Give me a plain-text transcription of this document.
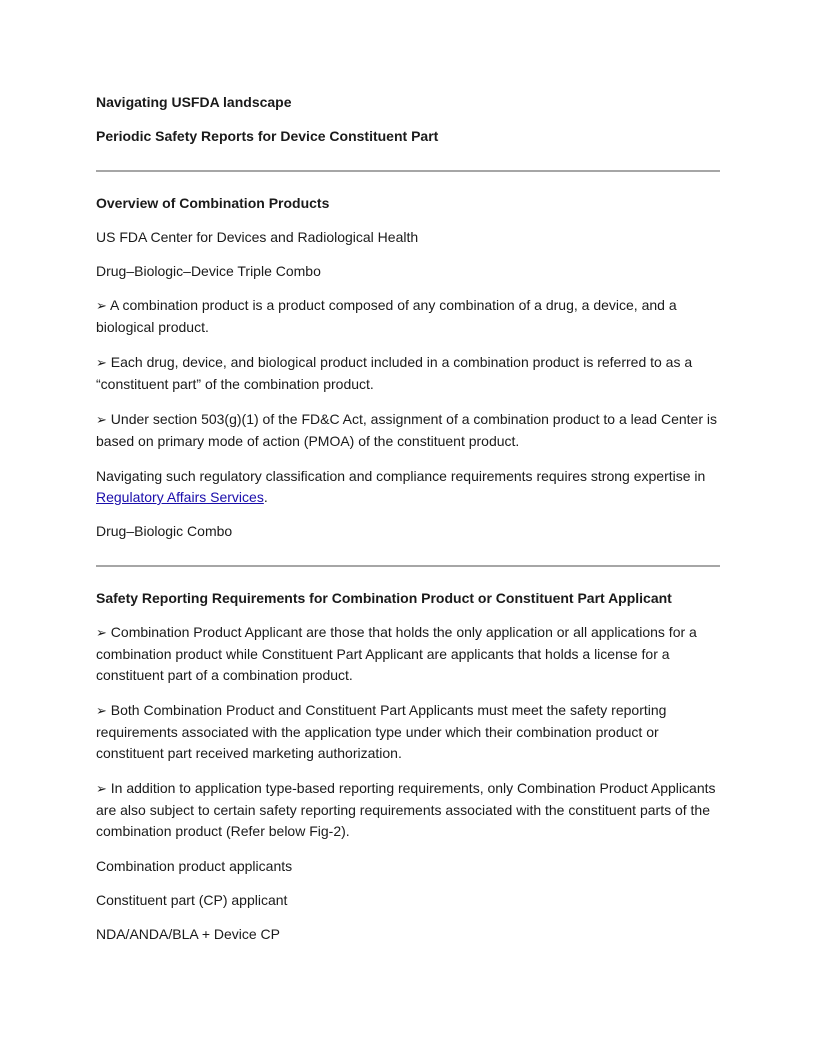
Navigating USFDA landscape

Periodic Safety Reports for Device Constituent Part

Overview of Combination Products

US FDA Center for Devices and Radiological Health

Drug–Biologic–Device Triple Combo

➢ A combination product is a product composed of any combination of a drug, a device, and a biological product.

➢ Each drug, device, and biological product included in a combination product is referred to as a “constituent part” of the combination product.

➢ Under section 503(g)(1) of the FD&C Act, assignment of a combination product to a lead Center is based on primary mode of action (PMOA) of the constituent product.

Navigating such regulatory classification and compliance requirements requires strong expertise in Regulatory Affairs Services.

Drug–Biologic Combo

Safety Reporting Requirements for Combination Product or Constituent Part Applicant

➢ Combination Product Applicant are those that holds the only application or all applications for a combination product while Constituent Part Applicant are applicants that holds a license for a constituent part of a combination product.

➢ Both Combination Product and Constituent Part Applicants must meet the safety reporting requirements associated with the application type under which their combination product or constituent part received marketing authorization.

➢ In addition to application type-based reporting requirements, only Combination Product Applicants are also subject to certain safety reporting requirements associated with the constituent parts of the combination product (Refer below Fig-2).

Combination product applicants

Constituent part (CP) applicant

NDA/ANDA/BLA + Device CP
